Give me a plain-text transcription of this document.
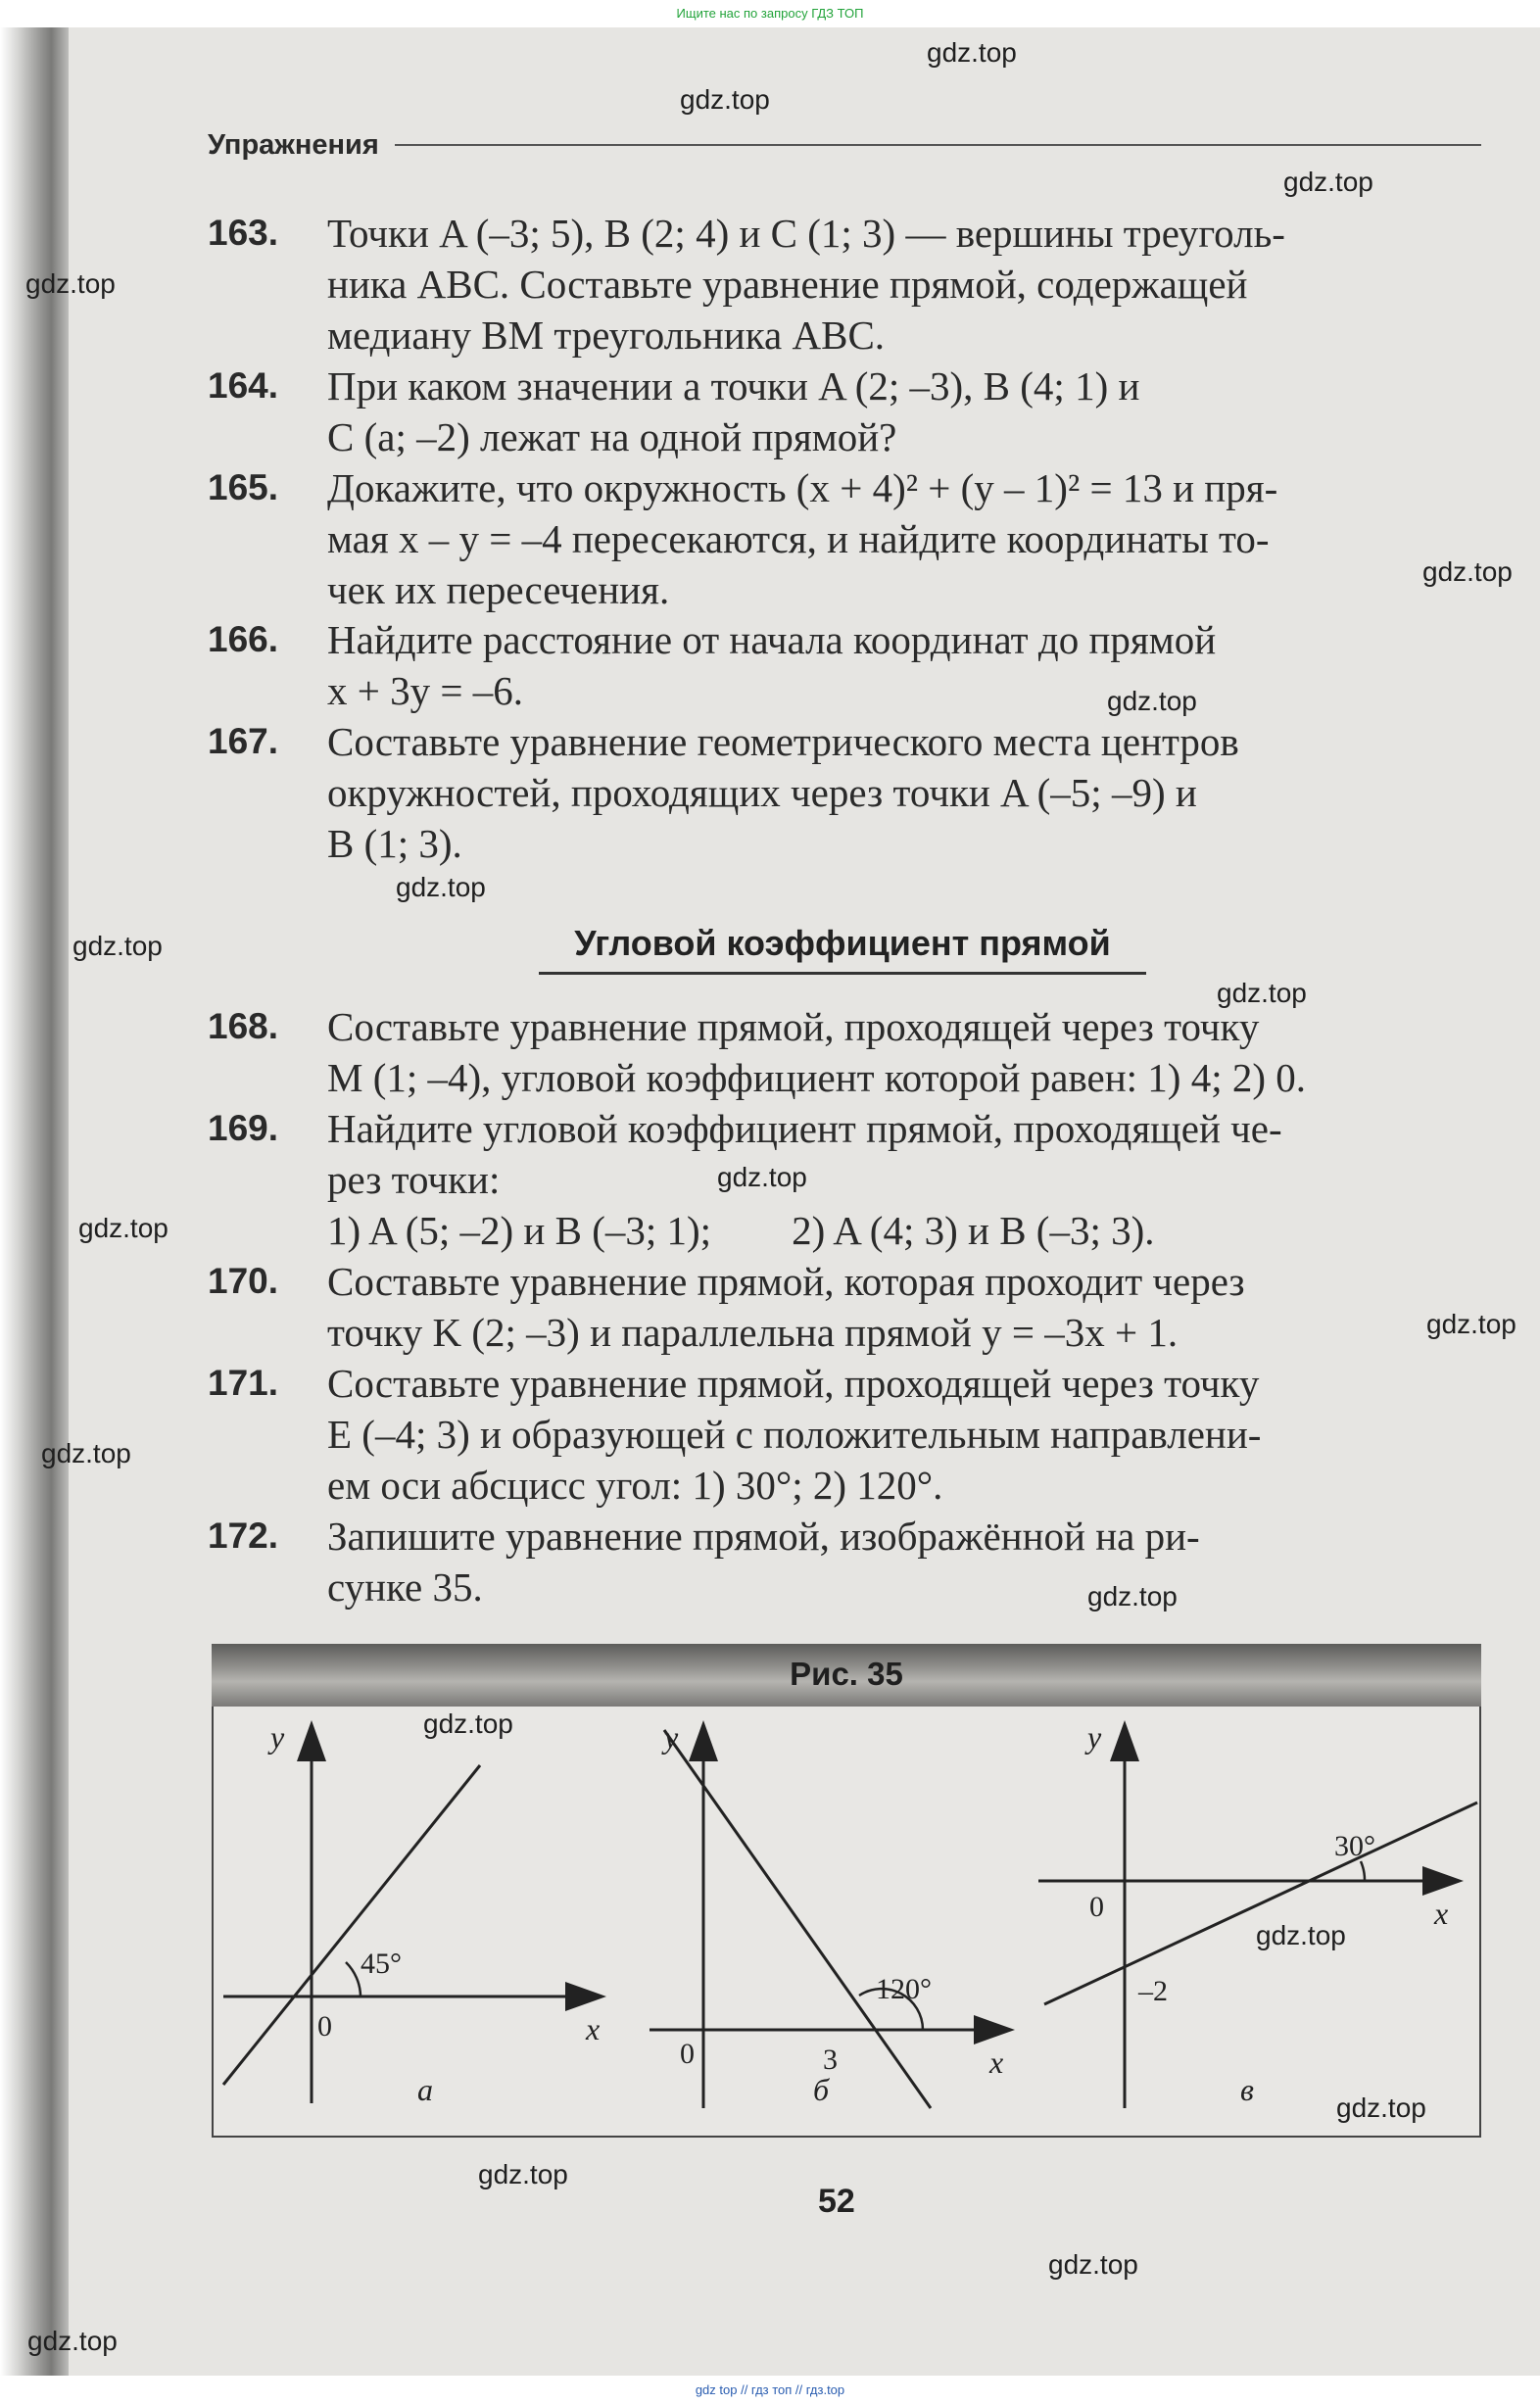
Упражнения
163.	Точки A (–3; 5), B (2; 4) и C (1; 3) — вершины треуголь-
ника ABC. Составьте уравнение прямой, содержащей
медиану BM треугольника ABC.
164.	При каком значении a точки A (2; –3), B (4; 1) и
C (a; –2) лежат на одной прямой?
165.	Докажите, что окружность (x + 4)² + (y – 1)² = 13 и пря-
мая x – y = –4 пересекаются, и найдите координаты то-
чек их пересечения.
166.	Найдите расстояние от начала координат до прямой
x + 3y = –6.
167.	Составьте уравнение геометрического места центров
окружностей, проходящих через точки A (–5; –9) и
B (1; 3).
Угловой коэффициент прямой
168.	Составьте уравнение прямой, проходящей через точку
M (1; –4), угловой коэффициент которой равен: 1) 4; 2) 0.
169.	Найдите угловой коэффициент прямой, проходящей че-
рез точки:
1) A (5; –2) и B (–3; 1);        2) A (4; 3) и B (–3; 3).
170.	Составьте уравнение прямой, которая проходит через
точку K (2; –3) и параллельна прямой y = –3x + 1.
171.	Составьте уравнение прямой, проходящей через точку
E (–4; 3) и образующей с положительным направлени-
ем оси абсцисс угол: 1) 30°; 2) 120°.
172.	Запишите уравнение прямой, изображённой на ри-
сунке 35.
Рис. 35
y
x
0
45°
а
y
x
0	3
120°
б
y
x
0
–2
30°
в
52
gdz.top
gdz.top
gdz.top
gdz.top
gdz.top
gdz.top
gdz.top
gdz.top
gdz.top
gdz.top
gdz.top
gdz.top
gdz.top
gdz.top
gdz.top
gdz.top
gdz.top
gdz.top
gdz.top
gdz.top
Ищите нас по запросу ГДЗ ТОП
gdz top // гдз топ // гдз.top
